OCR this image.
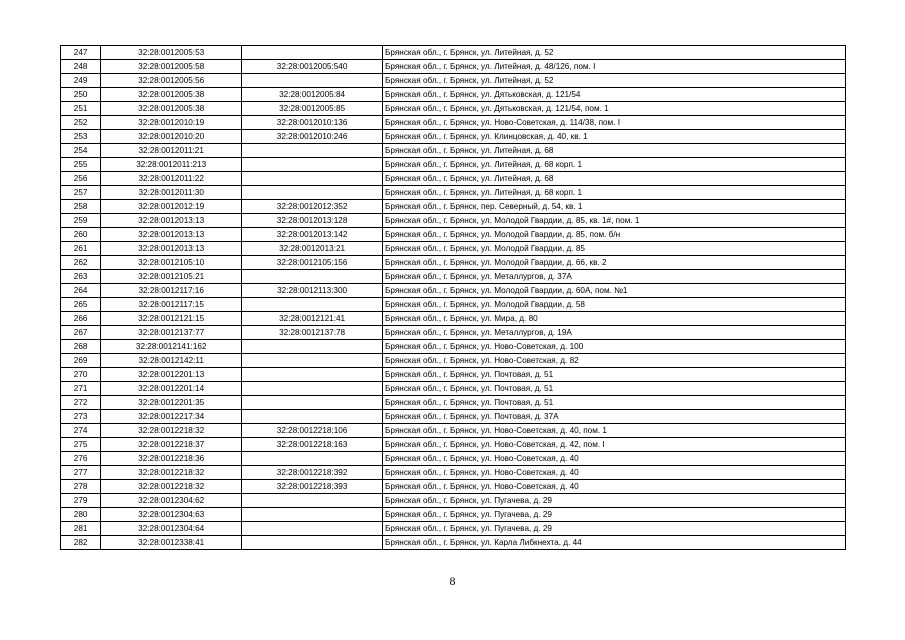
247	32:28:0012005:53		Брянская обл., г. Брянск, ул. Литейная, д. 52
248	32:28:0012005:58	32:28:0012005:540	Брянская обл., г. Брянск, ул. Литейная, д. 48/126, пом. I
249	32:28:0012005:56		Брянская обл., г. Брянск, ул. Литейная, д. 52
250	32:28:0012005:38	32:28:0012005:84	Брянская обл., г. Брянск, ул. Дятьковская, д. 121/54
251	32:28:0012005:38	32:28:0012005:85	Брянская обл., г. Брянск, ул. Дятьковская, д. 121/54, пом. 1
252	32:28:0012010:19	32:28:0012010:136	Брянская обл., г. Брянск, ул. Ново-Советская, д. 114/38, пом. I
253	32:28:0012010:20	32:28:0012010:246	Брянская обл., г. Брянск, ул. Клинцовская, д. 40, кв. 1
254	32:28:0012011:21		Брянская обл., г. Брянск, ул. Литейная, д. 68
255	32:28:0012011:213		Брянская обл., г. Брянск, ул. Литейная, д. 68 корп. 1
256	32:28:0012011:22		Брянская обл., г. Брянск, ул. Литейная, д. 68
257	32:28:0012011:30		Брянская обл., г. Брянск, ул. Литейная, д. 68 корп. 1
258	32:28:0012012:19	32:28:0012012:352	Брянская обл., г. Брянск, пер. Северный, д. 54, кв. 1
259	32:28:0012013:13	32:28:0012013:128	Брянская обл., г. Брянск, ул. Молодой Гвардии, д. 85, кв. 1#, пом. 1
260	32:28:0012013:13	32:28:0012013:142	Брянская обл., г. Брянск, ул. Молодой Гвардии, д. 85, пом. б/н
261	32:28:0012013:13	32:28:0012013:21	Брянская обл., г. Брянск, ул. Молодой Гвардии, д. 85
262	32:28:0012105:10	32:28:0012105:156	Брянская обл., г. Брянск, ул. Молодой Гвардии, д. 66, кв. 2
263	32:28:0012105:21		Брянская обл., г. Брянск, ул. Металлургов, д. 37А
264	32:28:0012117:16	32:28:0012113:300	Брянская обл., г. Брянск, ул. Молодой Гвардии, д. 60А, пом. №1
265	32:28:0012117:15		Брянская обл., г. Брянск, ул. Молодой Гвардии, д. 58
266	32:28:0012121:15	32:28:0012121:41	Брянская обл., г. Брянск, ул. Мира, д. 80
267	32:28:0012137:77	32:28:0012137:78	Брянская обл., г. Брянск, ул. Металлургов, д. 19А
268	32:28:0012141:162		Брянская обл., г. Брянск, ул. Ново-Советская, д. 100
269	32:28:0012142:11		Брянская обл., г. Брянск, ул. Ново-Советская, д. 82
270	32:28:0012201:13		Брянская обл., г. Брянск, ул. Почтовая, д. 51
271	32:28:0012201:14		Брянская обл., г. Брянск, ул. Почтовая, д. 51
272	32:28:0012201:35		Брянская обл., г. Брянск, ул. Почтовая, д. 51
273	32:28:0012217:34		Брянская обл., г. Брянск, ул. Почтовая, д. 37А
274	32:28:0012218:32	32:28:0012218:106	Брянская обл., г. Брянск, ул. Ново-Советская, д. 40, пом. 1
275	32:28:0012218:37	32:28:0012218:163	Брянская обл., г. Брянск, ул. Ново-Советская, д. 42, пом. I
276	32:28:0012218:36		Брянская обл., г. Брянск, ул. Ново-Советская, д. 40
277	32:28:0012218:32	32:28:0012218:392	Брянская обл., г. Брянск, ул. Ново-Советская, д. 40
278	32:28:0012218:32	32:28:0012218:393	Брянская обл., г. Брянск, ул. Ново-Советская, д. 40
279	32:28:0012304:62		Брянская обл., г. Брянск, ул. Пугачева, д. 29
280	32:28:0012304:63		Брянская обл., г. Брянск, ул. Пугачева, д. 29
281	32:28:0012304:64		Брянская обл., г. Брянск, ул. Пугачева, д. 29
282	32:28:0012338:41		Брянская обл., г. Брянск, ул. Карла Либкнехта, д. 44
8
